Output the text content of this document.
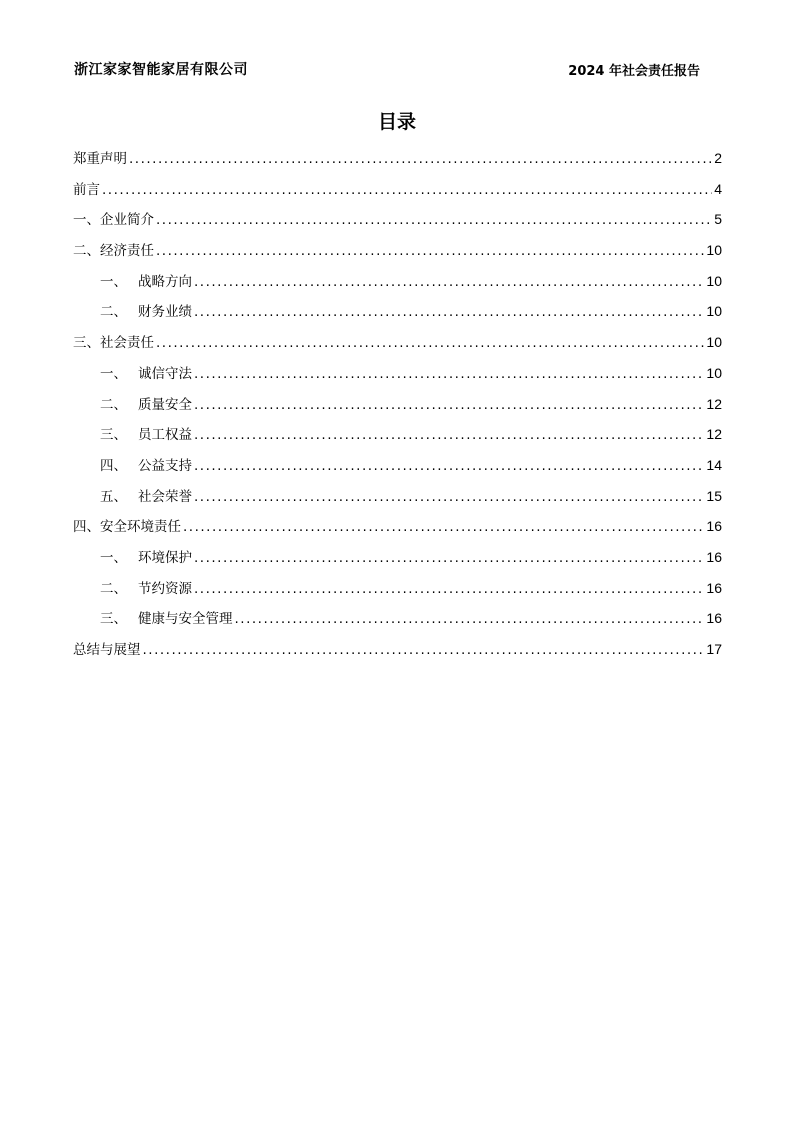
浙江家家智能家居有限公司	2024 年社会责任报告
目录
郑重声明 .....	2
前言 .....	4
一、企业简介 .....	5
二、经济责任 .....	10
一、 战略方向 .....	10
二、 财务业绩 .....	10
三、社会责任 .....	10
一、 诚信守法 .....	10
二、 质量安全 .....	12
三、 员工权益 .....	12
四、 公益支持 .....	14
五、 社会荣誉 .....	15
四、安全环境责任 .....	16
一、 环境保护 .....	16
二、 节约资源 .....	16
三、 健康与安全管理 .....	16
总结与展望 .....	17
